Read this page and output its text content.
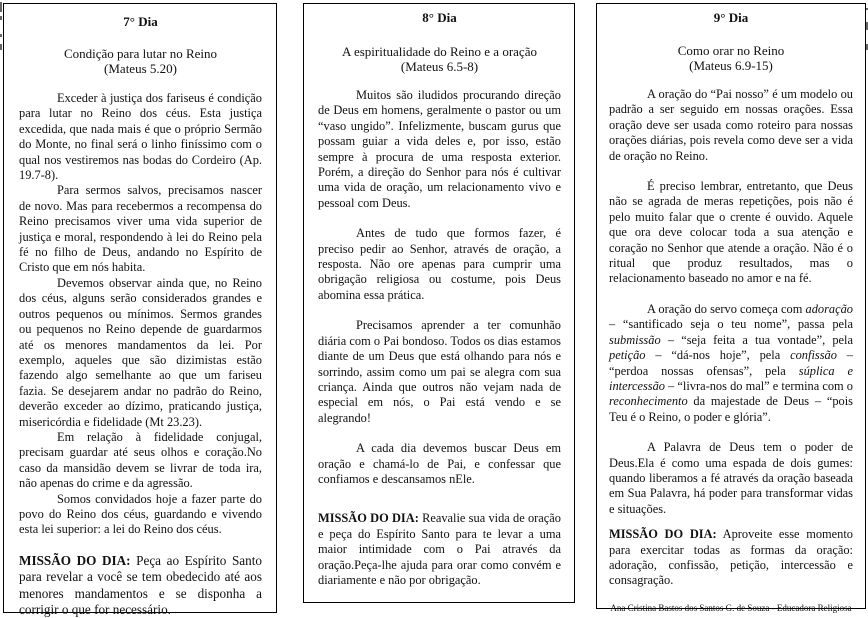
7° Dia

Condição para lutar no Reino

(Mateus 5.20)

Exceder à justiça dos fariseus é condição para lutar no Reino dos céus. Esta justiça excedida, que nada mais é que o próprio Sermão do Monte, no final será o linho finíssimo com o qual nos vestiremos nas bodas do Cordeiro (Ap. 19.7-8).

Para sermos salvos, precisamos nascer de novo. Mas para recebermos a recompensa do Reino precisamos viver uma vida superior de justiça e moral, respondendo à lei do Reino pela fé no filho de Deus, andando no Espírito de Cristo que em nós habita.

Devemos observar ainda que, no Reino dos céus, alguns serão considerados grandes e outros pequenos ou mínimos. Sermos grandes ou pequenos no Reino depende de guardarmos até os menores mandamentos da lei. Por exemplo, aqueles que são dizimistas estão fazendo algo semelhante ao que um fariseu fazia. Se desejarem andar no padrão do Reino, deverão exceder ao dízimo, praticando justiça, misericórdia e fidelidade (Mt 23.23).

Em relação à fidelidade conjugal, precisam guardar até seus olhos e coração.No caso da mansidão devem se livrar de toda ira, não apenas do crime e da agressão.

Somos convidados hoje a fazer parte do povo do Reino dos céus, guardando e vivendo esta lei superior: a lei do Reino dos céus.

MISSÃO DO DIA: Peça ao Espírito Santo para revelar a você se tem obedecido até aos menores mandamentos e se disponha a corrigir o que for necessário.

8° Dia

A espiritualidade do Reino e a oração

(Mateus 6.5-8)

Muitos são iludidos procurando direção de Deus em homens, geralmente o pastor ou um “vaso ungido”. Infelizmente, buscam gurus que possam guiar a vida deles e, por isso, estão sempre à procura de uma resposta exterior. Porém, a direção do Senhor para nós é cultivar uma vida de oração, um relacionamento vivo e pessoal com Deus.

Antes de tudo que formos fazer, é preciso pedir ao Senhor, através de oração, a resposta. Não ore apenas para cumprir uma obrigação religiosa ou costume, pois Deus abomina essa prática.

Precisamos aprender a ter comunhão diária com o Pai bondoso. Todos os dias estamos diante de um Deus que está olhando para nós e sorrindo, assim como um pai se alegra com sua criança. Ainda que outros não vejam nada de especial em nós, o Pai está vendo e se alegrando!

A cada dia devemos buscar Deus em oração e chamá-lo de Pai, e confessar que confiamos e descansamos nEle.

MISSÃO DO DIA: Reavalie sua vida de oração e peça do Espírito Santo para te levar a uma maior intimidade com o Pai através da oração.Peça-lhe ajuda para orar como convém e diariamente e não por obrigação.

9° Dia

Como orar no Reino

(Mateus 6.9-15)

A oração do “Pai nosso” é um modelo ou padrão a ser seguido em nossas orações. Essa oração deve ser usada como roteiro para nossas orações diárias, pois revela como deve ser a vida de oração no Reino.

É preciso lembrar, entretanto, que Deus não se agrada de meras repetições, pois não é pelo muito falar que o crente é ouvido. Aquele que ora deve colocar toda a sua atenção e coração no Senhor que atende a oração. Não é o ritual que produz resultados, mas o relacionamento baseado no amor e na fé.

A oração do servo começa com adoração – “santificado seja o teu nome”, passa pela submissão – “seja feita a tua vontade”, pela petição – “dá-nos hoje”, pela confissão – “perdoa nossas ofensas”, pela súplica e intercessão – “livra-nos do mal” e termina com o reconhecimento da majestade de Deus – “pois Teu é o Reino, o poder e glória”.

A Palavra de Deus tem o poder de Deus.Ela é como uma espada de dois gumes: quando liberamos a fé através da oração baseada em Sua Palavra, há poder para transformar vidas e situações.

MISSÃO DO DIA: Aproveite esse momento para exercitar todas as formas da oração: adoração, confissão, petição, intercessão e consagração.

Ana Cristina Bastos dos Santos G. de Souza - Educadora Religiosa
